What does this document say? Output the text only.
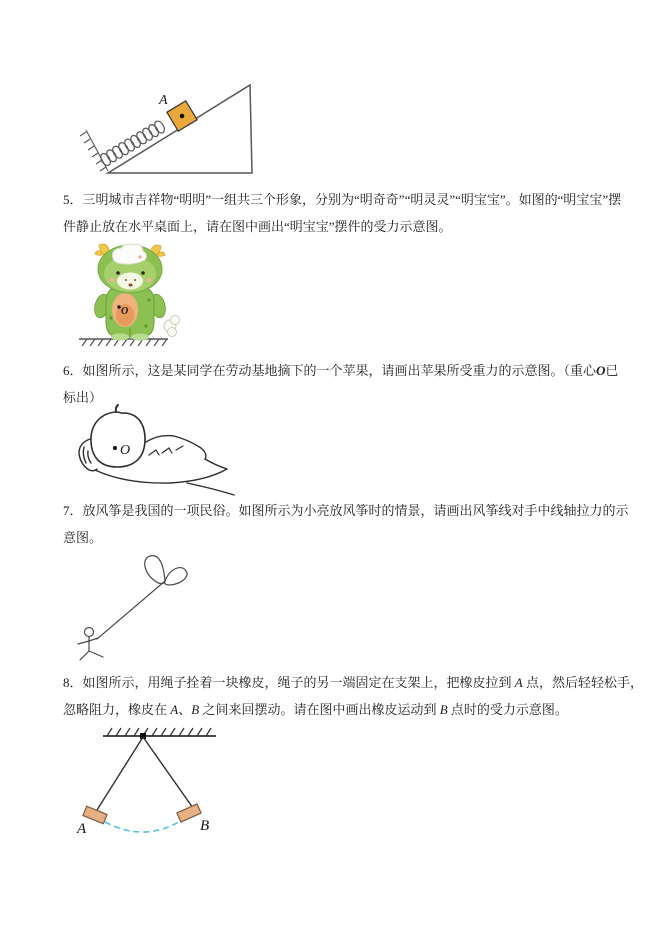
A
5．三明城市吉祥物“明明”一组共三个形象，分别为“明奇奇”“明灵灵”“明宝宝”。如图的“明宝宝”摆
件静止放在水平桌面上，请在图中画出“明宝宝”摆件的受力示意图。
O
6．如图所示，这是某同学在劳动基地摘下的一个苹果，请画出苹果所受重力的示意图。（重心O已
标出）
O
7．放风筝是我国的一项民俗。如图所示为小亮放风筝时的情景，请画出风筝线对手中线轴拉力的示
意图。
8．如图所示，用绳子拴着一块橡皮，绳子的另一端固定在支架上，把橡皮拉到 A 点，然后轻轻松手，
忽略阻力，橡皮在 A、B 之间来回摆动。请在图中画出橡皮运动到 B 点时的受力示意图。
A	B
